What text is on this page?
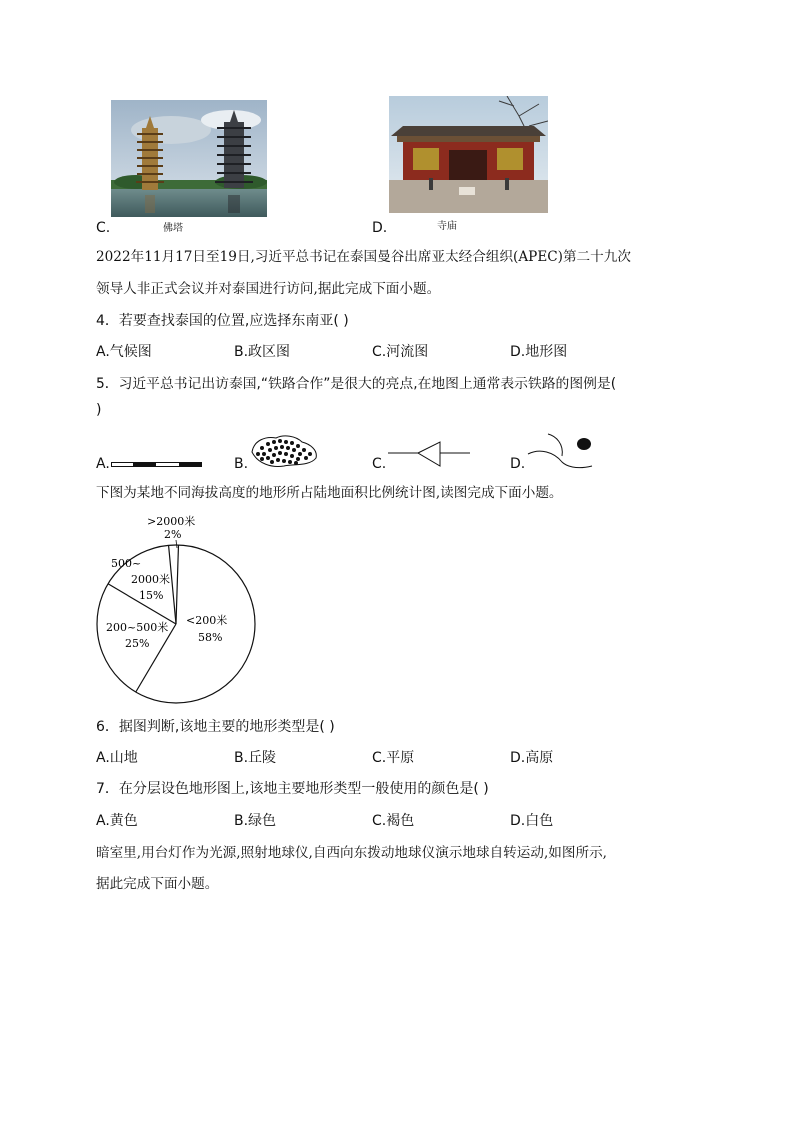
C.	佛塔	D.	寺庙
2022年11月17日至19日,习近平总书记在泰国曼谷出席亚太经合组织(APEC)第二十九次
领导人非正式会议并对泰国进行访问,据此完成下面小题。
4．若要查找泰国的位置,应选择东南亚( )
A.气候图	B.政区图	C.河流图	D.地形图
5．习近平总书记出访泰国,“铁路合作”是很大的亮点,在地图上通常表示铁路的图例是(
)
A.	B.	C.	D.
下图为某地不同海拔高度的地形所占陆地面积比例统计图,读图完成下面小题。
<200米
58%
200~500米
25%
500~
2000米
15%
>2000米
2%
6．据图判断,该地主要的地形类型是( )
A.山地	B.丘陵	C.平原	D.高原
7．在分层设色地形图上,该地主要地形类型一般使用的颜色是( )
A.黄色	B.绿色	C.褐色	D.白色
暗室里,用台灯作为光源,照射地球仪,自西向东拨动地球仪演示地球自转运动,如图所示,
据此完成下面小题。
